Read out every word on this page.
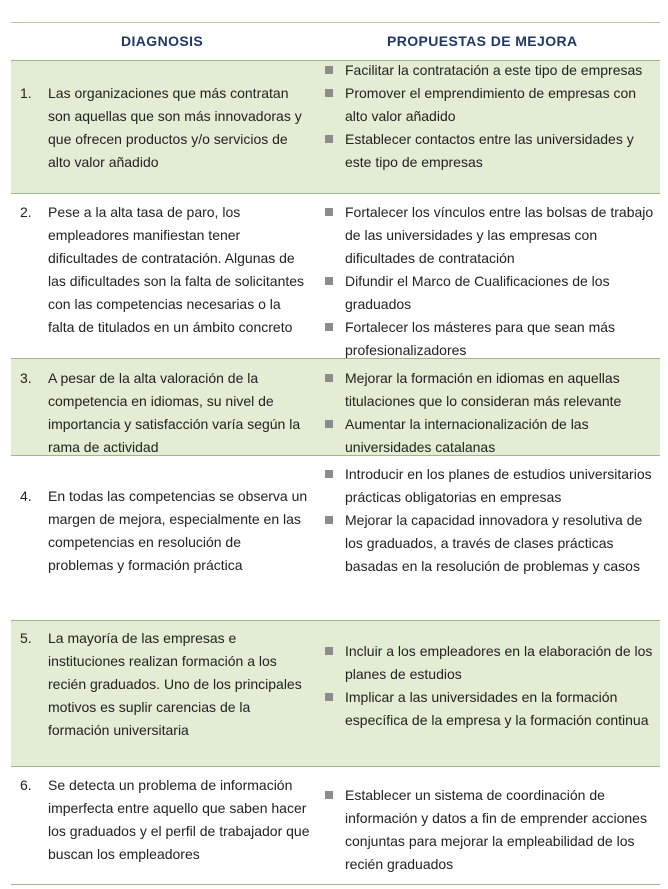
DIAGNOSIS	PROPUESTAS DE MEJORA
1. Las organizaciones que más contratan son aquellas que son más innovadoras y que ofrecen productos y/o servicios de alto valor añadido
Facilitar la contratación a este tipo de empresas
Promover el emprendimiento de empresas con alto valor añadido
Establecer contactos entre las universidades y este tipo de empresas
2. Pese a la alta tasa de paro, los empleadores manifiestan tener dificultades de contratación. Algunas de las dificultades son la falta de solicitantes con las competencias necesarias o la falta de titulados en un ámbito concreto
Fortalecer los vínculos entre las bolsas de trabajo de las universidades y las empresas con dificultades de contratación
Difundir el Marco de Cualificaciones de los graduados
Fortalecer los másteres para que sean más profesionalizadores
3. A pesar de la alta valoración de la competencia en idiomas, su nivel de importancia y satisfacción varía según la rama de actividad
Mejorar la formación en idiomas en aquellas titulaciones que lo consideran más relevante
Aumentar la internacionalización de las universidades catalanas
4. En todas las competencias se observa un margen de mejora, especialmente en las competencias en resolución de problemas y formación práctica
Introducir en los planes de estudios universitarios prácticas obligatorias en empresas
Mejorar la capacidad innovadora y resolutiva de los graduados, a través de clases prácticas basadas en la resolución de problemas y casos
5. La mayoría de las empresas e instituciones realizan formación a los recién graduados. Uno de los principales motivos es suplir carencias de la formación universitaria
Incluir a los empleadores en la elaboración de los planes de estudios
Implicar a las universidades en la formación específica de la empresa y la formación continua
6. Se detecta un problema de información imperfecta entre aquello que saben hacer los graduados y el perfil de trabajador que buscan los empleadores
Establecer un sistema de coordinación de información y datos a fin de emprender acciones conjuntas para mejorar la empleabilidad de los recién graduados
